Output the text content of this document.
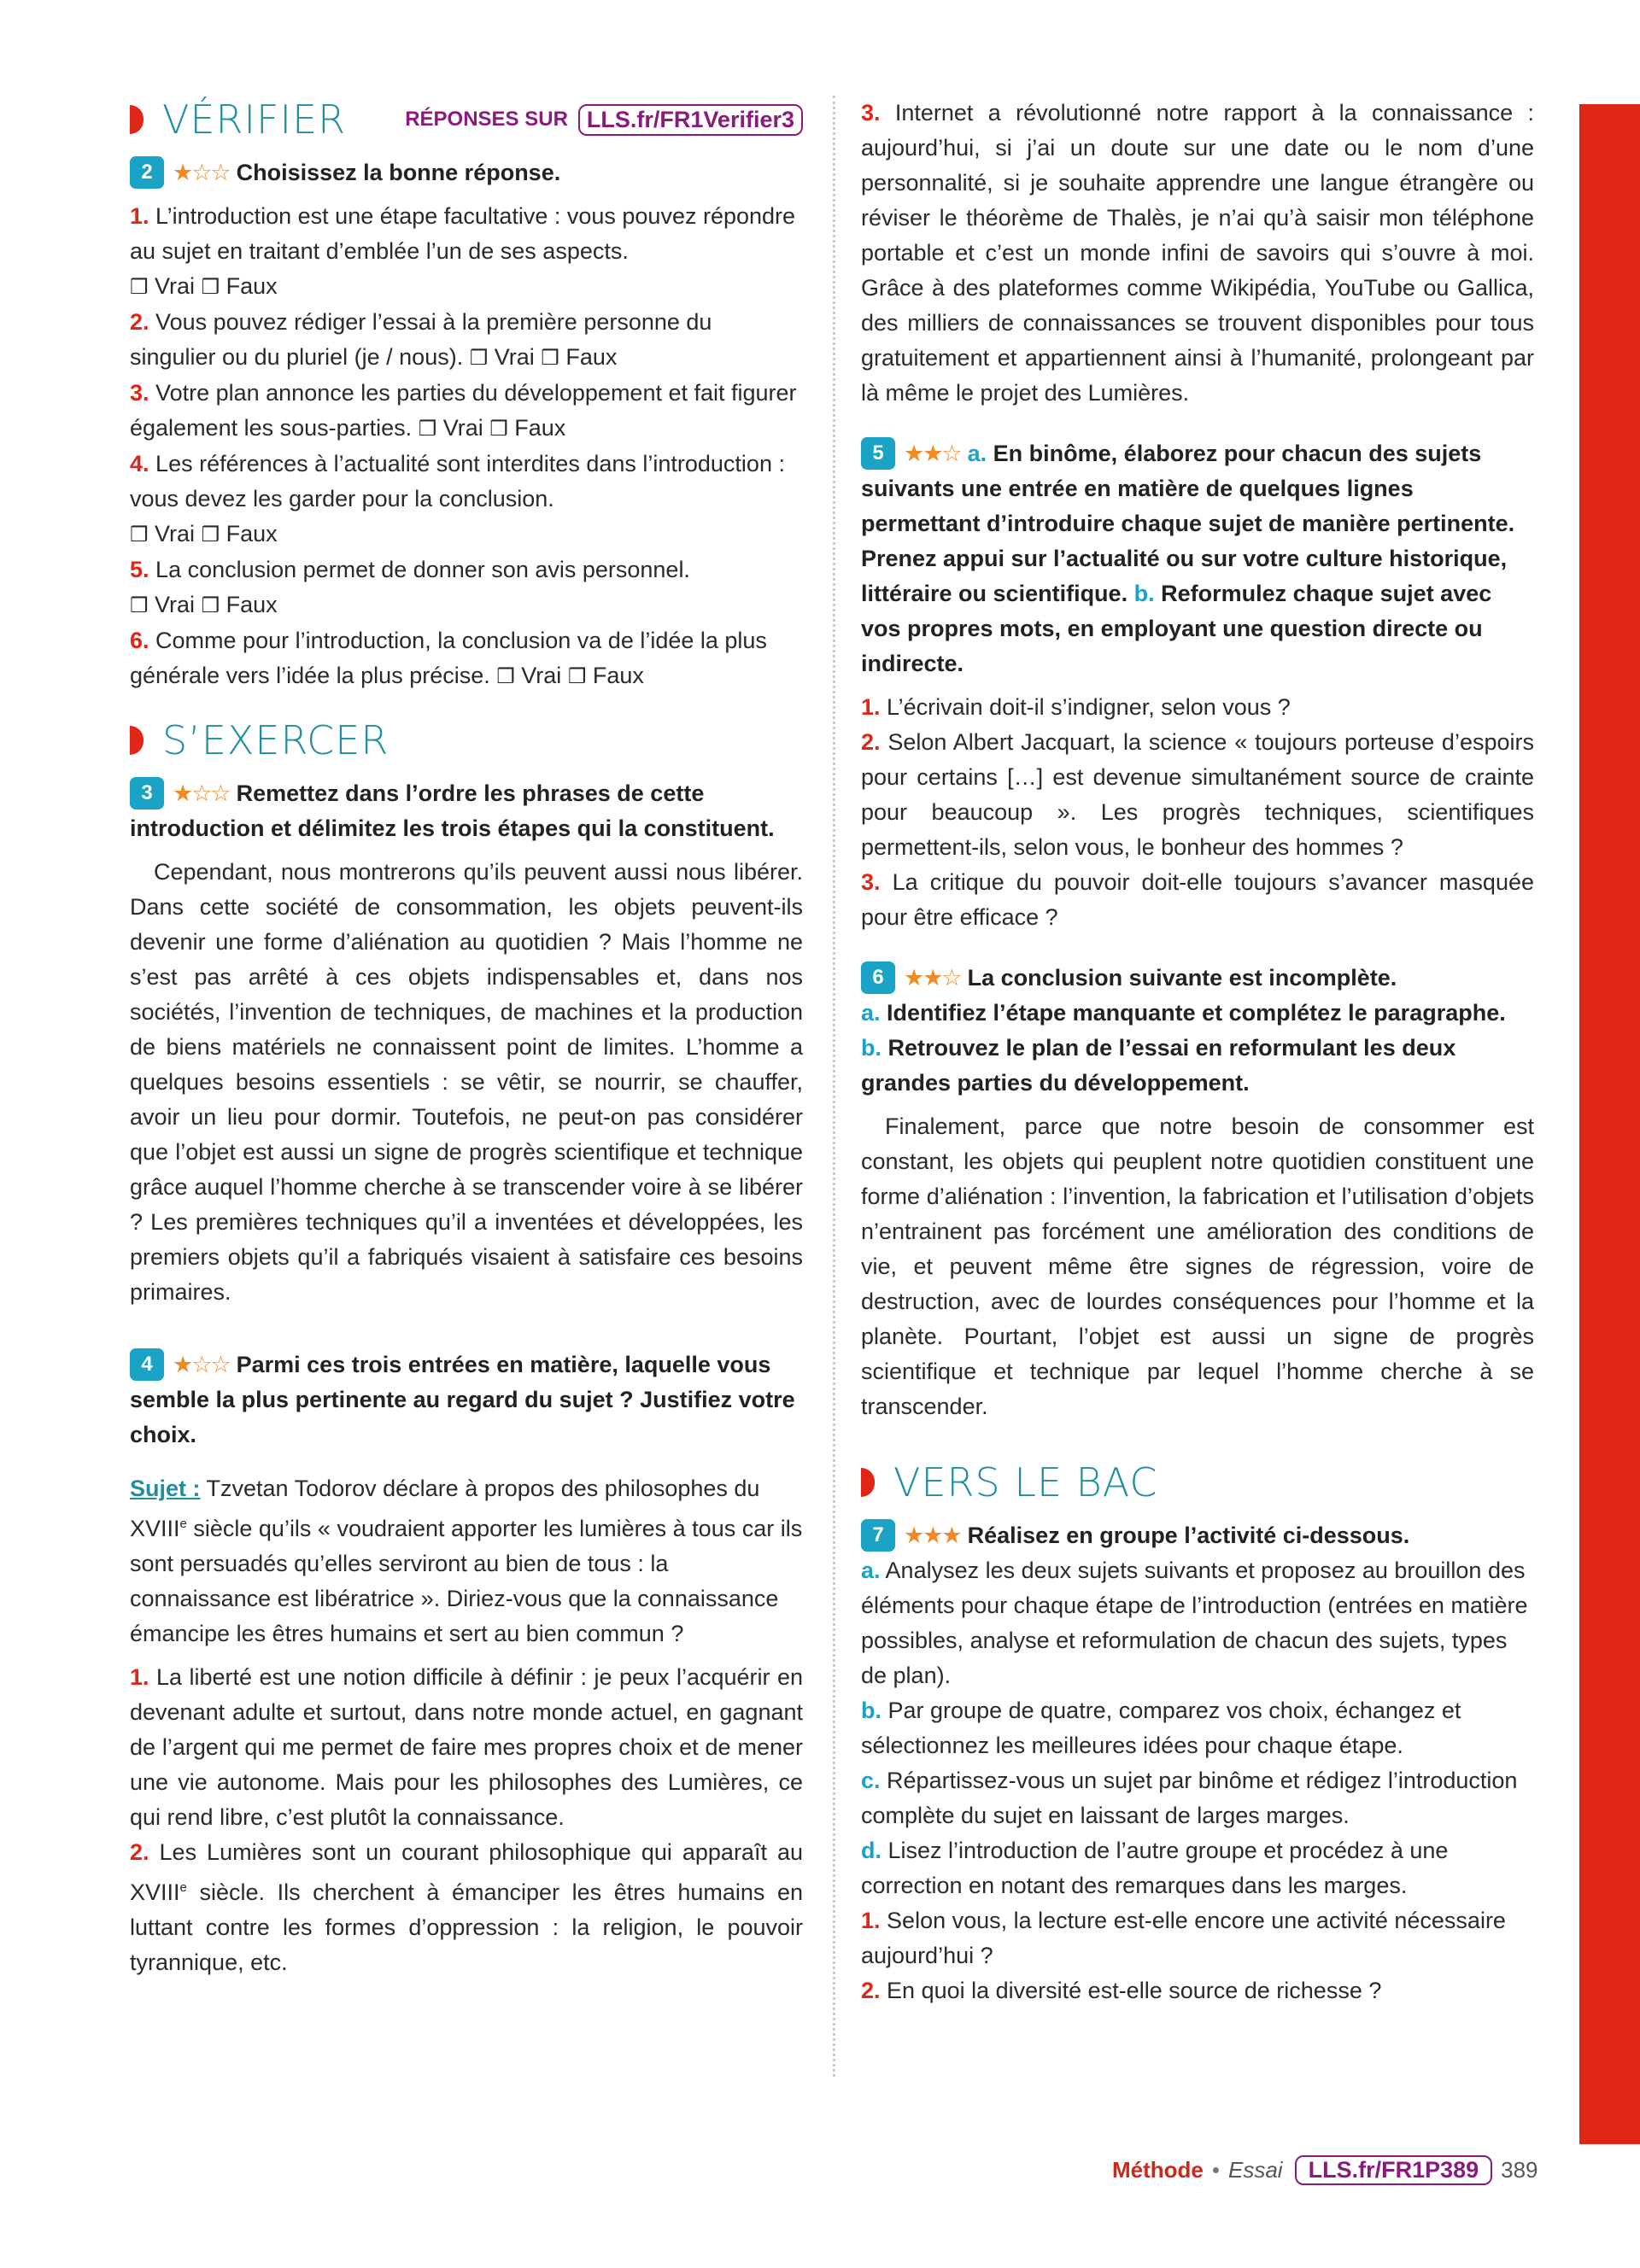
VÉRIFIER	RÉPONSES SUR LLS.fr/FR1Verifier3
2 ★☆☆ Choisissez la bonne réponse.

1. L’introduction est une étape facultative : vous pouvez répondre au sujet en traitant d’emblée l’un de ses aspects.
❒ Vrai ❒ Faux

2. Vous pouvez rédiger l’essai à la première personne du singulier ou du pluriel (je / nous). ❒ Vrai ❒ Faux

3. Votre plan annonce les parties du développement et fait figurer également les sous-parties. ❒ Vrai ❒ Faux

4. Les références à l’actualité sont interdites dans l’introduction : vous devez les garder pour la conclusion.
❒ Vrai ❒ Faux

5. La conclusion permet de donner son avis personnel.
❒ Vrai ❒ Faux

6. Comme pour l’introduction, la conclusion va de l’idée la plus générale vers l’idée la plus précise. ❒ Vrai ❒ Faux

S’EXERCER
3 ★☆☆ Remettez dans l’ordre les phrases de cette introduction et délimitez les trois étapes qui la constituent.

Cependant, nous montrerons qu’ils peuvent aussi nous libérer. Dans cette société de consommation, les objets peuvent-ils devenir une forme d’aliénation au quotidien ? Mais l’homme ne s’est pas arrêté à ces objets indispensables et, dans nos sociétés, l’invention de techniques, de machines et la production de biens matériels ne connaissent point de limites. L’homme a quelques besoins essentiels : se vêtir, se nourrir, se chauffer, avoir un lieu pour dormir. Toutefois, ne peut-on pas considérer que l’objet est aussi un signe de progrès scientifique et technique grâce auquel l’homme cherche à se transcender voire à se libérer ? Les premières techniques qu’il a inventées et développées, les premiers objets qu’il a fabriqués visaient à satisfaire ces besoins primaires.

4 ★☆☆ Parmi ces trois entrées en matière, laquelle vous semble la plus pertinente au regard du sujet ? Justifiez votre choix.

Sujet : Tzvetan Todorov déclare à propos des philosophes du XVIIIe siècle qu’ils « voudraient apporter les lumières à tous car ils sont persuadés qu’elles serviront au bien de tous : la connaissance est libératrice ». Diriez-vous que la connaissance émancipe les êtres humains et sert au bien commun ?

1. La liberté est une notion difficile à définir : je peux l’acquérir en devenant adulte et surtout, dans notre monde actuel, en gagnant de l’argent qui me permet de faire mes propres choix et de mener une vie autonome. Mais pour les philosophes des Lumières, ce qui rend libre, c’est plutôt la connaissance.

2. Les Lumières sont un courant philosophique qui apparaît au XVIIIe siècle. Ils cherchent à émanciper les êtres humains en luttant contre les formes d’oppression : la religion, le pouvoir tyrannique, etc.

3. Internet a révolutionné notre rapport à la connaissance : aujourd’hui, si j’ai un doute sur une date ou le nom d’une personnalité, si je souhaite apprendre une langue étrangère ou réviser le théorème de Thalès, je n’ai qu’à saisir mon téléphone portable et c’est un monde infini de savoirs qui s’ouvre à moi. Grâce à des plateformes comme Wikipédia, YouTube ou Gallica, des milliers de connaissances se trouvent disponibles pour tous gratuitement et appartiennent ainsi à l’humanité, prolongeant par là même le projet des Lumières.

5 ★★☆ a. En binôme, élaborez pour chacun des sujets suivants une entrée en matière de quelques lignes permettant d’introduire chaque sujet de manière pertinente. Prenez appui sur l’actualité ou sur votre culture historique, littéraire ou scientifique. b. Reformulez chaque sujet avec vos propres mots, en employant une question directe ou indirecte.

1. L’écrivain doit-il s’indigner, selon vous ?

2. Selon Albert Jacquart, la science « toujours porteuse d’espoirs pour certains […] est devenue simultanément source de crainte pour beaucoup ». Les progrès techniques, scientifiques permettent-ils, selon vous, le bonheur des hommes ?

3. La critique du pouvoir doit-elle toujours s’avancer masquée pour être efficace ?

6 ★★☆ La conclusion suivante est incomplète.
a. Identifiez l’étape manquante et complétez le paragraphe.
b. Retrouvez le plan de l’essai en reformulant les deux grandes parties du développement.

Finalement, parce que notre besoin de consommer est constant, les objets qui peuplent notre quotidien constituent une forme d’aliénation : l’invention, la fabrication et l’utilisation d’objets n’entrainent pas forcément une amélioration des conditions de vie, et peuvent même être signes de régression, voire de destruction, avec de lourdes conséquences pour l’homme et la planète. Pourtant, l’objet est aussi un signe de progrès scientifique et technique par lequel l’homme cherche à se transcender.

VERS LE BAC
7 ★★★ Réalisez en groupe l’activité ci-dessous.

a. Analysez les deux sujets suivants et proposez au brouillon des éléments pour chaque étape de l’introduction (entrées en matière possibles, analyse et reformulation de chacun des sujets, types de plan).

b. Par groupe de quatre, comparez vos choix, échangez et sélectionnez les meilleures idées pour chaque étape.

c. Répartissez-vous un sujet par binôme et rédigez l’introduction complète du sujet en laissant de larges marges.

d. Lisez l’introduction de l’autre groupe et procédez à une correction en notant des remarques dans les marges.

1. Selon vous, la lecture est-elle encore une activité nécessaire aujourd’hui ?

2. En quoi la diversité est-elle source de richesse ?

Méthode • Essai	LLS.fr/FR1P389	389
